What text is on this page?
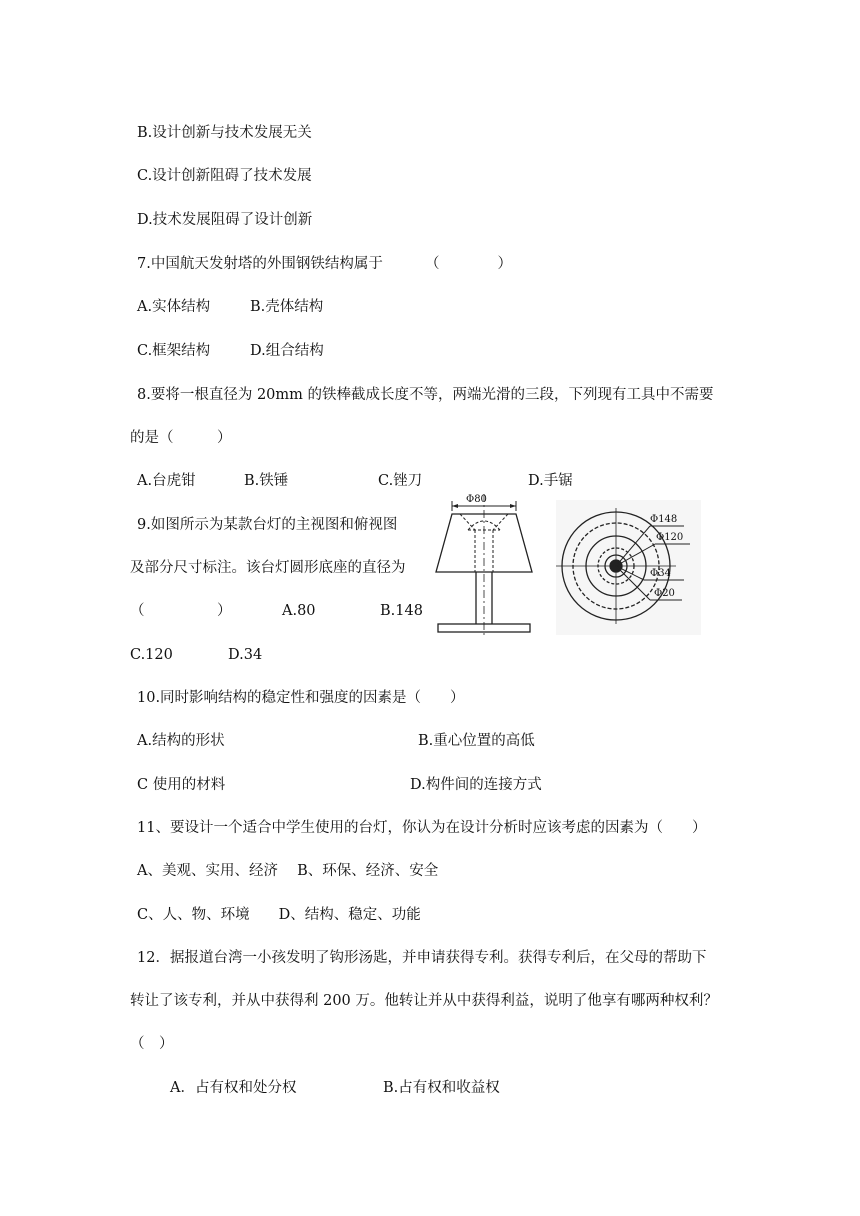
B.设计创新与技术发展无关
C.设计创新阻碍了技术发展
D.技术发展阻碍了设计创新
7.中国航天发射塔的外围钢铁结构属于	（　　　　）
A.实体结构	B.壳体结构
C.框架结构	D.组合结构
8.要将一根直径为 20mm 的铁棒截成长度不等，两端光滑的三段，下列现有工具中不需要
的是（　　　）
A.台虎钳	B.铁锤	C.锉刀	D.手锯
9.如图所示为某款台灯的主视图和俯视图
及部分尺寸标注。该台灯圆形底座的直径为
（　　　　　）	A.80	B.148
C.120	D.34
Φ80
Φ148
Φ120
Φ34
Φ20
10.同时影响结构的稳定性和强度的因素是（　　）
A.结构的形状	B.重心位置的高低
C 使用的材料	D.构件间的连接方式
11、要设计一个适合中学生使用的台灯，你认为在设计分析时应该考虑的因素为（　　）
A、美观、实用、经济　 B、环保、经济、安全
C、人、物、环境　　D、结构、稳定、功能
12．据报道台湾一小孩发明了钩形汤匙，并申请获得专利。获得专利后，在父母的帮助下
转让了该专利，并从中获得利 200 万。他转让并从中获得利益，说明了他享有哪两种权利？
（　）
A．占有权和处分权	B.占有权和收益权
